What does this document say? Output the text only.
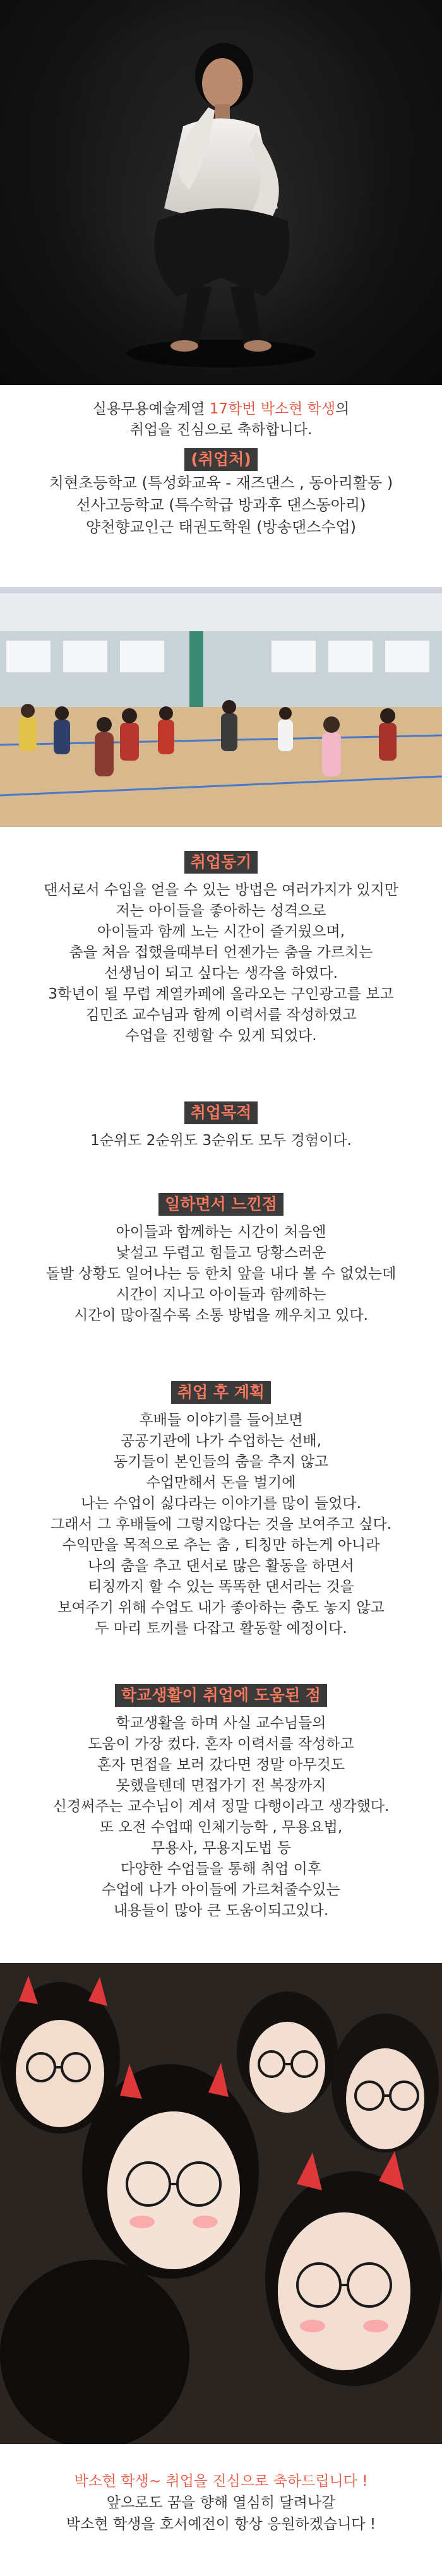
실용무용예술계열 17학번 박소현 학생의
취업을 진심으로 축하합니다.
(취업처)
치현초등학교 (특성화교육 - 재즈댄스 , 동아리활동 )
선사고등학교 (특수학급 방과후 댄스동아리)
양천향교인근 태권도학원 (방송댄스수업)
취업동기
댄서로서 수입을 얻을 수 있는 방법은 여러가지가 있지만
저는 아이들을 좋아하는 성격으로
아이들과 함께 노는 시간이 즐거웠으며,
춤을 처음 접했을때부터 언젠가는 춤을 가르치는
선생님이 되고 싶다는 생각을 하였다.
3학년이 될 무렵 계열카페에 올라오는 구인광고를 보고
김민조 교수님과 함께 이력서를 작성하였고
수업을 진행할 수 있게 되었다.
취업목적
1순위도 2순위도 3순위도 모두 경험이다.
일하면서 느낀점
아이들과 함께하는 시간이 처음엔
낯설고 두렵고 힘들고 당황스러운
돌발 상황도 일어나는 등 한치 앞을 내다 볼 수 없었는데
시간이 지나고 아이들과 함께하는
시간이 많아질수록 소통 방법을 깨우치고 있다.
취업 후 계획
후배들 이야기를 들어보면
공공기관에 나가 수업하는 선배,
동기들이 본인들의 춤을 추지 않고
수업만해서 돈을 벌기에
나는 수업이 싫다라는 이야기를 많이 들었다.
그래서 그 후배들에 그렇지않다는 것을 보여주고 싶다.
수익만을 목적으로 추는 춤 , 티칭만 하는게 아니라
나의 춤을 추고 댄서로 많은 활동을 하면서
티칭까지 할 수 있는 똑똑한 댄서라는 것을
보여주기 위해 수업도 내가 좋아하는 춤도 놓지 않고
두 마리 토끼를 다잡고 활동할 예정이다.
학교생활이 취업에 도움된 점
학교생활을 하며 사실 교수님들의
도움이 가장 컸다. 혼자 이력서를 작성하고
혼자 면접을 보러 갔다면 정말 아무것도
못했을텐데 면접가기 전 복장까지
신경써주는 교수님이 계셔 정말 다행이라고 생각했다.
또 오전 수업때 인체기능학 , 무용요법,
무용사, 무용지도법 등
다양한 수업들을 통해 취업 이후
수업에 나가 아이들에 가르쳐줄수있는
내용들이 많아 큰 도움이되고있다.
박소현 학생~ 취업을 진심으로 축하드립니다 !
앞으로도 꿈을 향해 열심히 달려나갈
박소현 학생을 호서예전이 항상 응원하겠습니다 !
